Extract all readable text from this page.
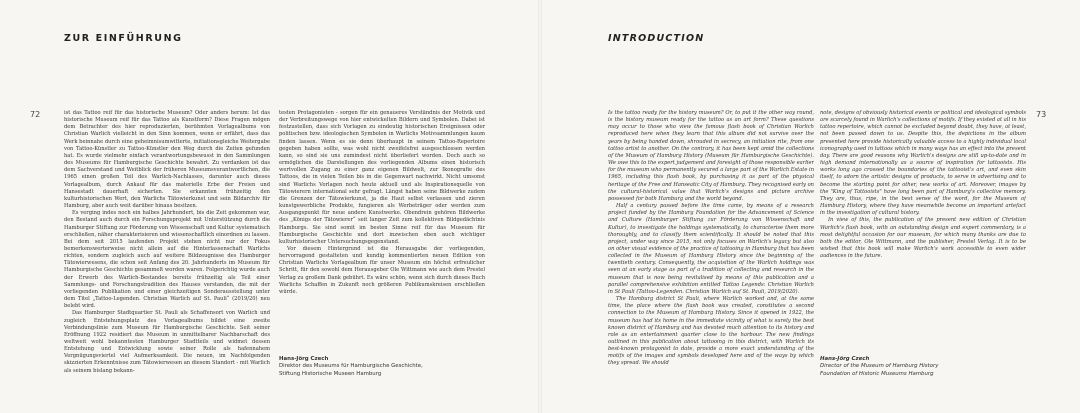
ZUR EINFÜHRUNG
72	ist das Tattoo reif für das historische Museum? Oder anders herum: Ist das historische Museum reif für das Tattoo als Kunstform? Diese Fragen mögen dem Betrachter des hier reproduzierten, berühmten Vorlagealbums von Christian Warlich vielleicht in den Sinn kommen, wenn er erfährt, dass das Werk beinnahe durch eine geheimnisumwitterte, initiationsgleiche Weitergabe von Tattoo-Künstler zu Tattoo-Künstler den Weg durch die Zeiten gefunden hat. Es wurde vielmehr einfach verantwortungsbewusst in den Sammlungen des Museums für Hamburgische Geschichte bewahrt. Zu verdanken ist das dem Sachverstand und Weitblick der früheren Museumsverantwortlichen, die 1965 einen großen Teil des Warlich-Nachlasses, darunter auch dieses Vorlagealbum, durch Ankauf für das materielle Erbe der Freien und Hansestadt dauerhaft sicherten. Sie erkannten frühzeitig den kulturhistorischen Wert, den Warlichs Tätowierkunst und sein Bildarchiv für Hamburg, aber auch weit darüber hinaus besitzen.

Es verging indes noch ein halbes Jahrhundert, bis die Zeit gekommen war, den Bestand auch durch ein Forschungsprojekt mit Unterstützung durch die Hamburger Stiftung zur Förderung von Wissenschaft und Kultur systematisch erschließen, näher charakterisieren und wissenschaftlich einordnen zu lassen. Bei dem seit 2015 laufenden Projekt stehen nicht nur der Fokus bemerkenswerterweise nicht allein auf die Hinterlassenschaft Warlichs richten, sondern zugleich auch auf weitere Bildzeugnisse des Hamburger Tätowierwesens, die schon seit Anfang des 20. Jahrhunderts im Museum für Hamburgische Geschichte gesammelt worden waren. Folgerichtig wurde auch der Erwerb des Warlich-Bestandes bereits frühzeitig als Teil einer Sammlungs- und Forschungstradition des Hauses verstanden, die mit der vorliegenden Publikation und einer gleichzeitigen Sonderausstellung unter dem Titel „Tattoo-Legenden. Christian Warlich auf St. Pauli“ (2019/20) neu belebt wird.

Das Hamburger Stadtquartier St. Pauli als Schaffensort von Warlich und zugleich Entstehungsplatz des Vorlagealbums bildet eine zweite Verbindungslinie zum Museum für Hamburgische Geschichte. Seit seiner Eröffnung 1922 residiert das Museum in unmittelbarer Nachbarschaft des weltweit wohl bekanntesten Hamburger Stadtteils und widmet dessen Entstehung und Entwicklung sowie seiner Rolle als hafennahem Vergnügungsviertel viel Aufmerksamkeit. Die neuen, im Nachfolgenden skizzierten Erkenntnisse zum Tätowierwesen an diesem Standort - mit Warlich als seinem bislang bekann-

testen Protagonisten - sorgen für ein genaueres Verständnis der Motivik und der Verbreitungswege von hier entwickelten Bildern und Symbolen. Dabei ist festzustellen, dass sich Vorlagen zu eindeutig historischen Ereignissen oder politischen bzw. ideologischen Symbolen in Warlichs Motivsammlungen kaum finden lassen. Wenn es sie denn überhaupt in seinem Tattoo-Repertoire gegeben haben sollte, was wohl nicht zweifelsfrei ausgeschlossen werden kann, so sind sie uns zumindest nicht überliefert worden. Doch auch so ermöglichen die Darstellungen des vorliegenden Albums einen historisch wertvollen Zugang zu einer ganz eigenen Bildwelt, zur Ikonografie des Tattoos, die in vielen Teilen bis in die Gegenwart nachwirkt. Nicht umsonst sind Warlichs Vorlagen noch heute aktuell und als Inspirationsquelle von Tätowierern international sehr gefragt. Längst haben seine Bildwerke zudem die Grenzen der Tätowierkunst, ja die Haut selbst verlassen und zieren kunstgewerbliche Produkte, fungieren als Werbeträger oder werden zum Ausgangspunkt für neue andere Kunstwerke. Obendrein gehören Bildwerke des „Königs der Tätowierer“ seit langer Zeit zum kollektiven Bildgedächtnis Hamburgs. Sie sind somit im besten Sinne reif für das Museum für Hamburgische Geschichte und dort inzwischen eben auch wichtiger kulturhistorischer Untersuchungsgegenstand.

Vor diesem Hintergrund ist die Herausgabe der vorliegenden, hervorragend gestalteten und kundig kommentierten neuen Edition von Christian Warlichs Vorlagealbum für unser Museum ein höchst erfreulicher Schritt, für den sowohl dem Herausgeber Ole Wittmann wie auch dem Prestel Verlag zu großem Dank gebührt. Es wäre schön, wenn sich durch dieses Buch Warlichs Schaffen in Zukunft noch größeren Publikumskreisen erschließen würde.

Hans-Jörg Czech
Direktor des Museums für Hamburgische Geschichte,
Stiftung Historische Museen Hamburg
INTRODUCTION
73

Is the tattoo ready for the history museum? Or, to put it the other way round, is the history museum ready for the tattoo as an art form? These questions may occur to those who view the famous flash book of Christian Warlich reproduced here when they learn that this album did not survive over the years by being handed down, shrouded in secrecy, an initiation rite, from one tattoo artist to another. On the contrary, it has been kept amid the collections of the Museum of Hamburg History (Museum für Hamburgische Geschichte). We owe this to the expert judgement and foresight of those responsible earlier for the museum who permanently secured a large part of the Warlich Estate in 1965, including this flash book, by purchasing it as part of the physical heritage of the Free and Hanseatic City of Hamburg. They recognised early on the cultural-historical value that Warlich's designs and picture archive possessed for both Hamburg and the world beyond.

Half a century passed before the time came, by means of a research project funded by the Hamburg Foundation for the Advancement of Science and Culture (Hamburger Stiftung zur Förderung von Wissenschaft und Kultur), to investigate the holdings systematically, to characterise them more thoroughly, and to classify them scientifically. It should be noted that this project, under way since 2015, not only focuses on Warlich's legacy but also on other visual evidence of the practice of tattooing in Hamburg that has been collected in the Museum of Hamburg History since the beginning of the twentieth century. Consequently, the acquisition of the Warlich holdings was seen at an early stage as part of a tradition of collecting and research in the museum that is now being revitalised by means of this publication and a parallel comprehensive exhibition entitled Tattoo Legends: Christian Warlich in St Pauli (Tattoo-Legenden. Christian Warlich auf St. Pauli, 2019/2020).

The Hamburg district St Pauli, where Warlich worked and, at the same time, the place where the flash book was created, constitutes a second connection to the Museum of Hamburg History. Since it opened in 1922, the museum has had its home in the immediate vicinity of what is surely the best known district of Hamburg and has devoted much attention to its history and role as an entertainment quarter close to the harbour. The new findings outlined in this publication about tattooing in this district, with Warlich its best-known protagonist to date, provide a more exact understanding of the motifs of the images and symbols developed here and of the ways by which they spread. We should

note, designs of obviously historical events or political and ideological symbols are scarcely found in Warlich's collections of motifs. If they existed at all in his tattoo repertoire, which cannot be excluded beyond doubt, they have, at least, not been passed down to us. Despite this, the depictions in the album presented here provide historically valuable access to a highly individual local iconography used in tattoos which in many ways has an effect into the present day. There are good reasons why Warlich's designs are still up-to-date and in high demand internationally as a source of inspiration for tattooists. His works long ago crossed the boundaries of the tattooist's art, and even skin itself, to adorn the artistic designs of products, to serve in advertising and to become the starting point for other, new works of art. Moreover, images by the "King of Tattooists" have long been part of Hamburg's collective memory. They are, thus, ripe, in the best sense of the word, for the Museum of Hamburg History, where they have meanwhile become an important artefact in the investigation of cultural history.

In view of this, the publication of the present new edition of Christian Warlich's flash book, with an outstanding design and expert commentary, is a most delightful occasion for our museum, for which many thanks are due to both the editor, Ole Wittmann, and the publisher, Prestel Verlag. It is to be wished that this book will make Warlich's work accessible to even wider audiences in the future.

Hans-Jörg Czech
Director of the Museum of Hamburg History
Foundation of Historic Museums Hamburg
